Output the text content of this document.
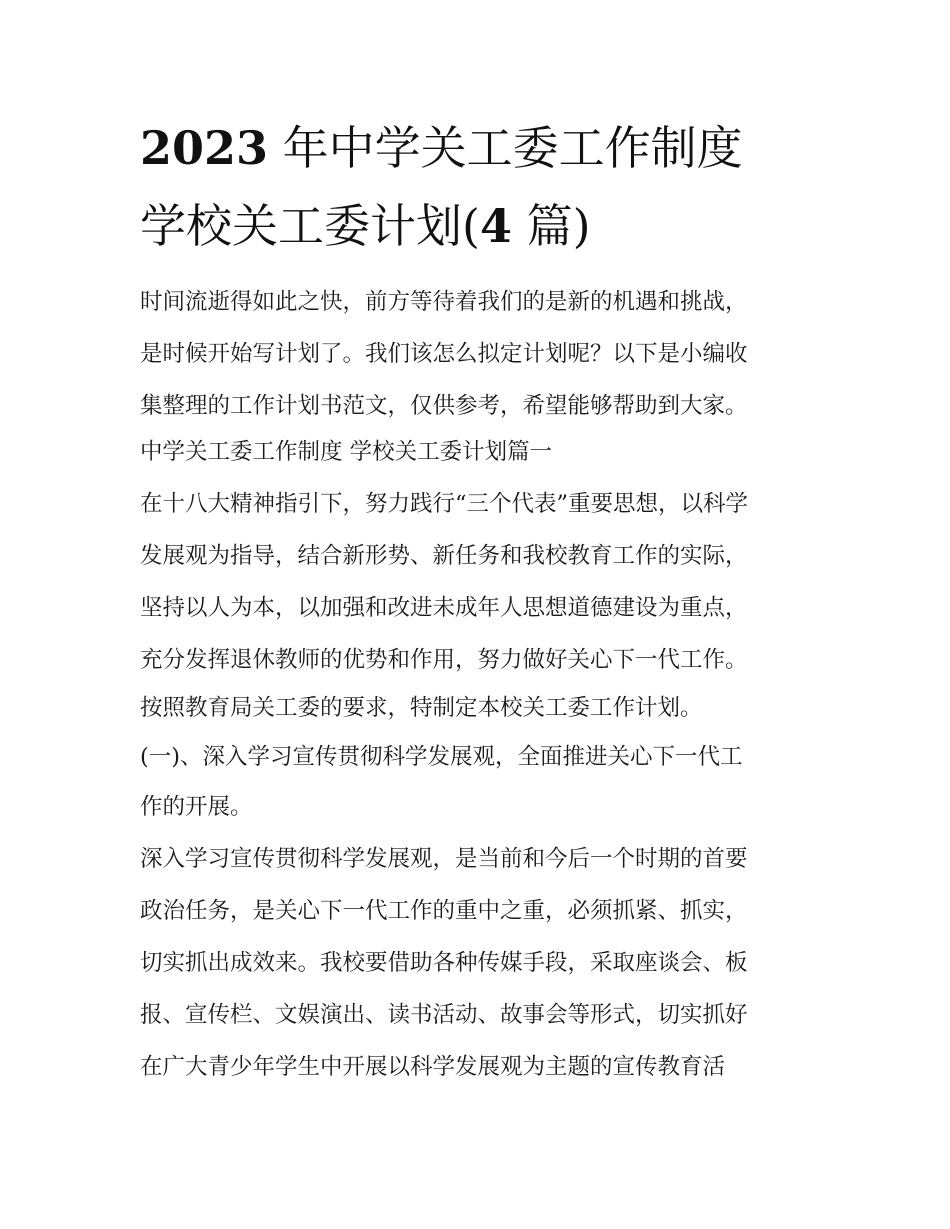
2023 年中学关工委工作制度
学校关工委计划(4 篇)

时间流逝得如此之快，前方等待着我们的是新的机遇和挑战，

是时候开始写计划了。我们该怎么拟定计划呢？以下是小编收

集整理的工作计划书范文，仅供参考，希望能够帮助到大家。

中学关工委工作制度 学校关工委计划篇一

在十八大精神指引下，努力践行“三个代表”重要思想，以科学

发展观为指导，结合新形势、新任务和我校教育工作的实际，

坚持以人为本，以加强和改进未成年人思想道德建设为重点，

充分发挥退休教师的优势和作用，努力做好关心下一代工作。

按照教育局关工委的要求，特制定本校关工委工作计划。

(一)、深入学习宣传贯彻科学发展观，全面推进关心下一代工

作的开展。

深入学习宣传贯彻科学发展观，是当前和今后一个时期的首要

政治任务，是关心下一代工作的重中之重，必须抓紧、抓实，

切实抓出成效来。我校要借助各种传媒手段，采取座谈会、板

报、宣传栏、文娱演出、读书活动、故事会等形式，切实抓好

在广大青少年学生中开展以科学发展观为主题的宣传教育活
